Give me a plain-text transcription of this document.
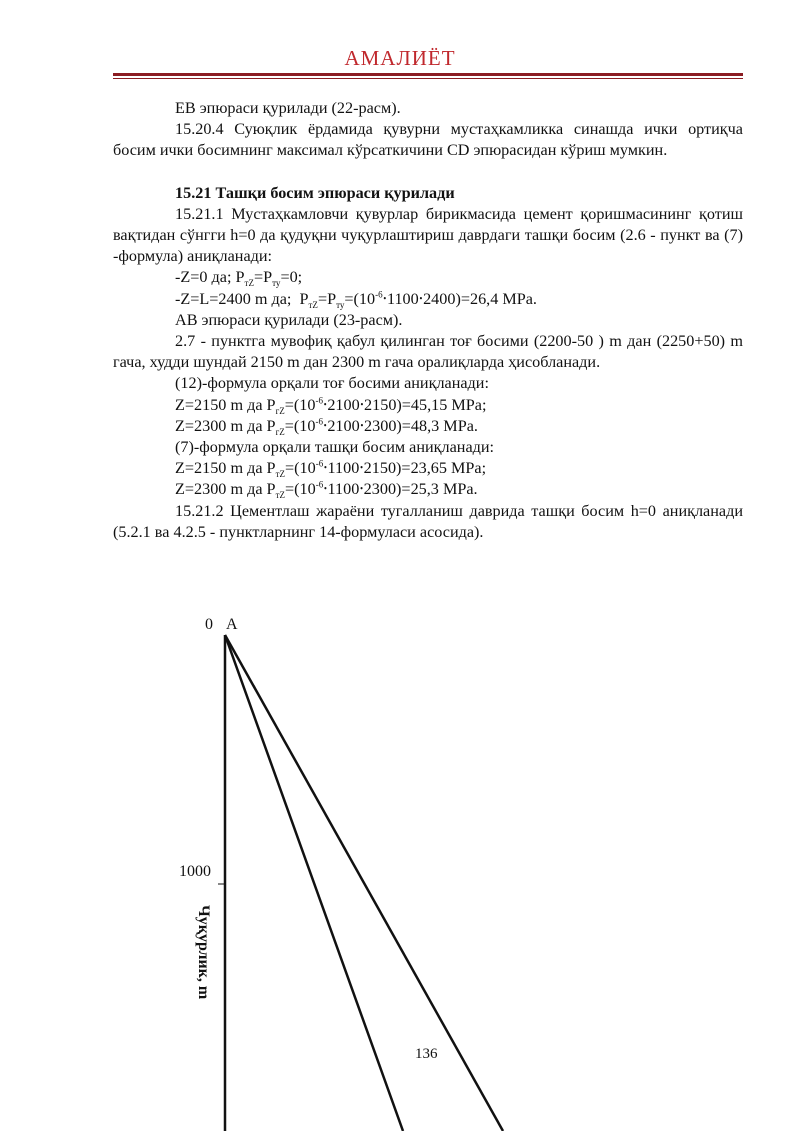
АМАЛИЁТ

EB эпюраси қурилади (22-расм).

15.20.4 Суюқлик ёрдамида қувурни мустаҳкамликка синашда ички ортиқча босим ички босимнинг максимал кўрсаткичини CD эпюрасидан кўриш мумкин.

15.21 Ташқи босим эпюраси қурилади

15.21.1 Мустаҳкамловчи қувурлар бирикмасида цемент қоришмасининг қотиш вақтидан сўнгги h=0 да қудуқни чуқурлаштириш даврдаги ташқи босим (2.6 - пункт ва (7) -формула) аниқланади:

-Z=0 да; $P_{тZ}=P_{ту}=0$;

-Z=L=2400 m да;  $P_{тZ}=P_{ту}=(10^{-6}⸱1100⸱2400)=26,4$ MPa.

AB эпюраси қурилади (23-расм).

2.7 - пунктга мувофиқ қабул қилинган тоғ босими (2200-50 ) m дан (2250+50) m гача, худди шундай 2150 m дан 2300 m гача оралиқларда ҳисобланади.

(12)-формула орқали тоғ босими аниқланади:

Z=2150 m да $P_{гZ}=(10^{-6}⸱2100⸱2150)=45,15$ MPa;

Z=2300 m да $P_{гZ}=(10^{-6}⸱2100⸱2300)=48,3$ MPa.

(7)-формула орқали ташқи босим аниқланади:

Z=2150 m да $P_{тZ}=(10^{-6}⸱1100⸱2150)=23,65$ MPa;

Z=2300 m да $P_{тZ}=(10^{-6}⸱1100⸱2300)=25,3$ MPa.

15.21.2 Цементлаш жараёни тугалланиш даврида ташқи босим h=0 аниқланади (5.2.1 ва 4.2.5 - пунктларнинг 14-формуласи асосида).

0 A
1000
Чуқурлик, m
136
